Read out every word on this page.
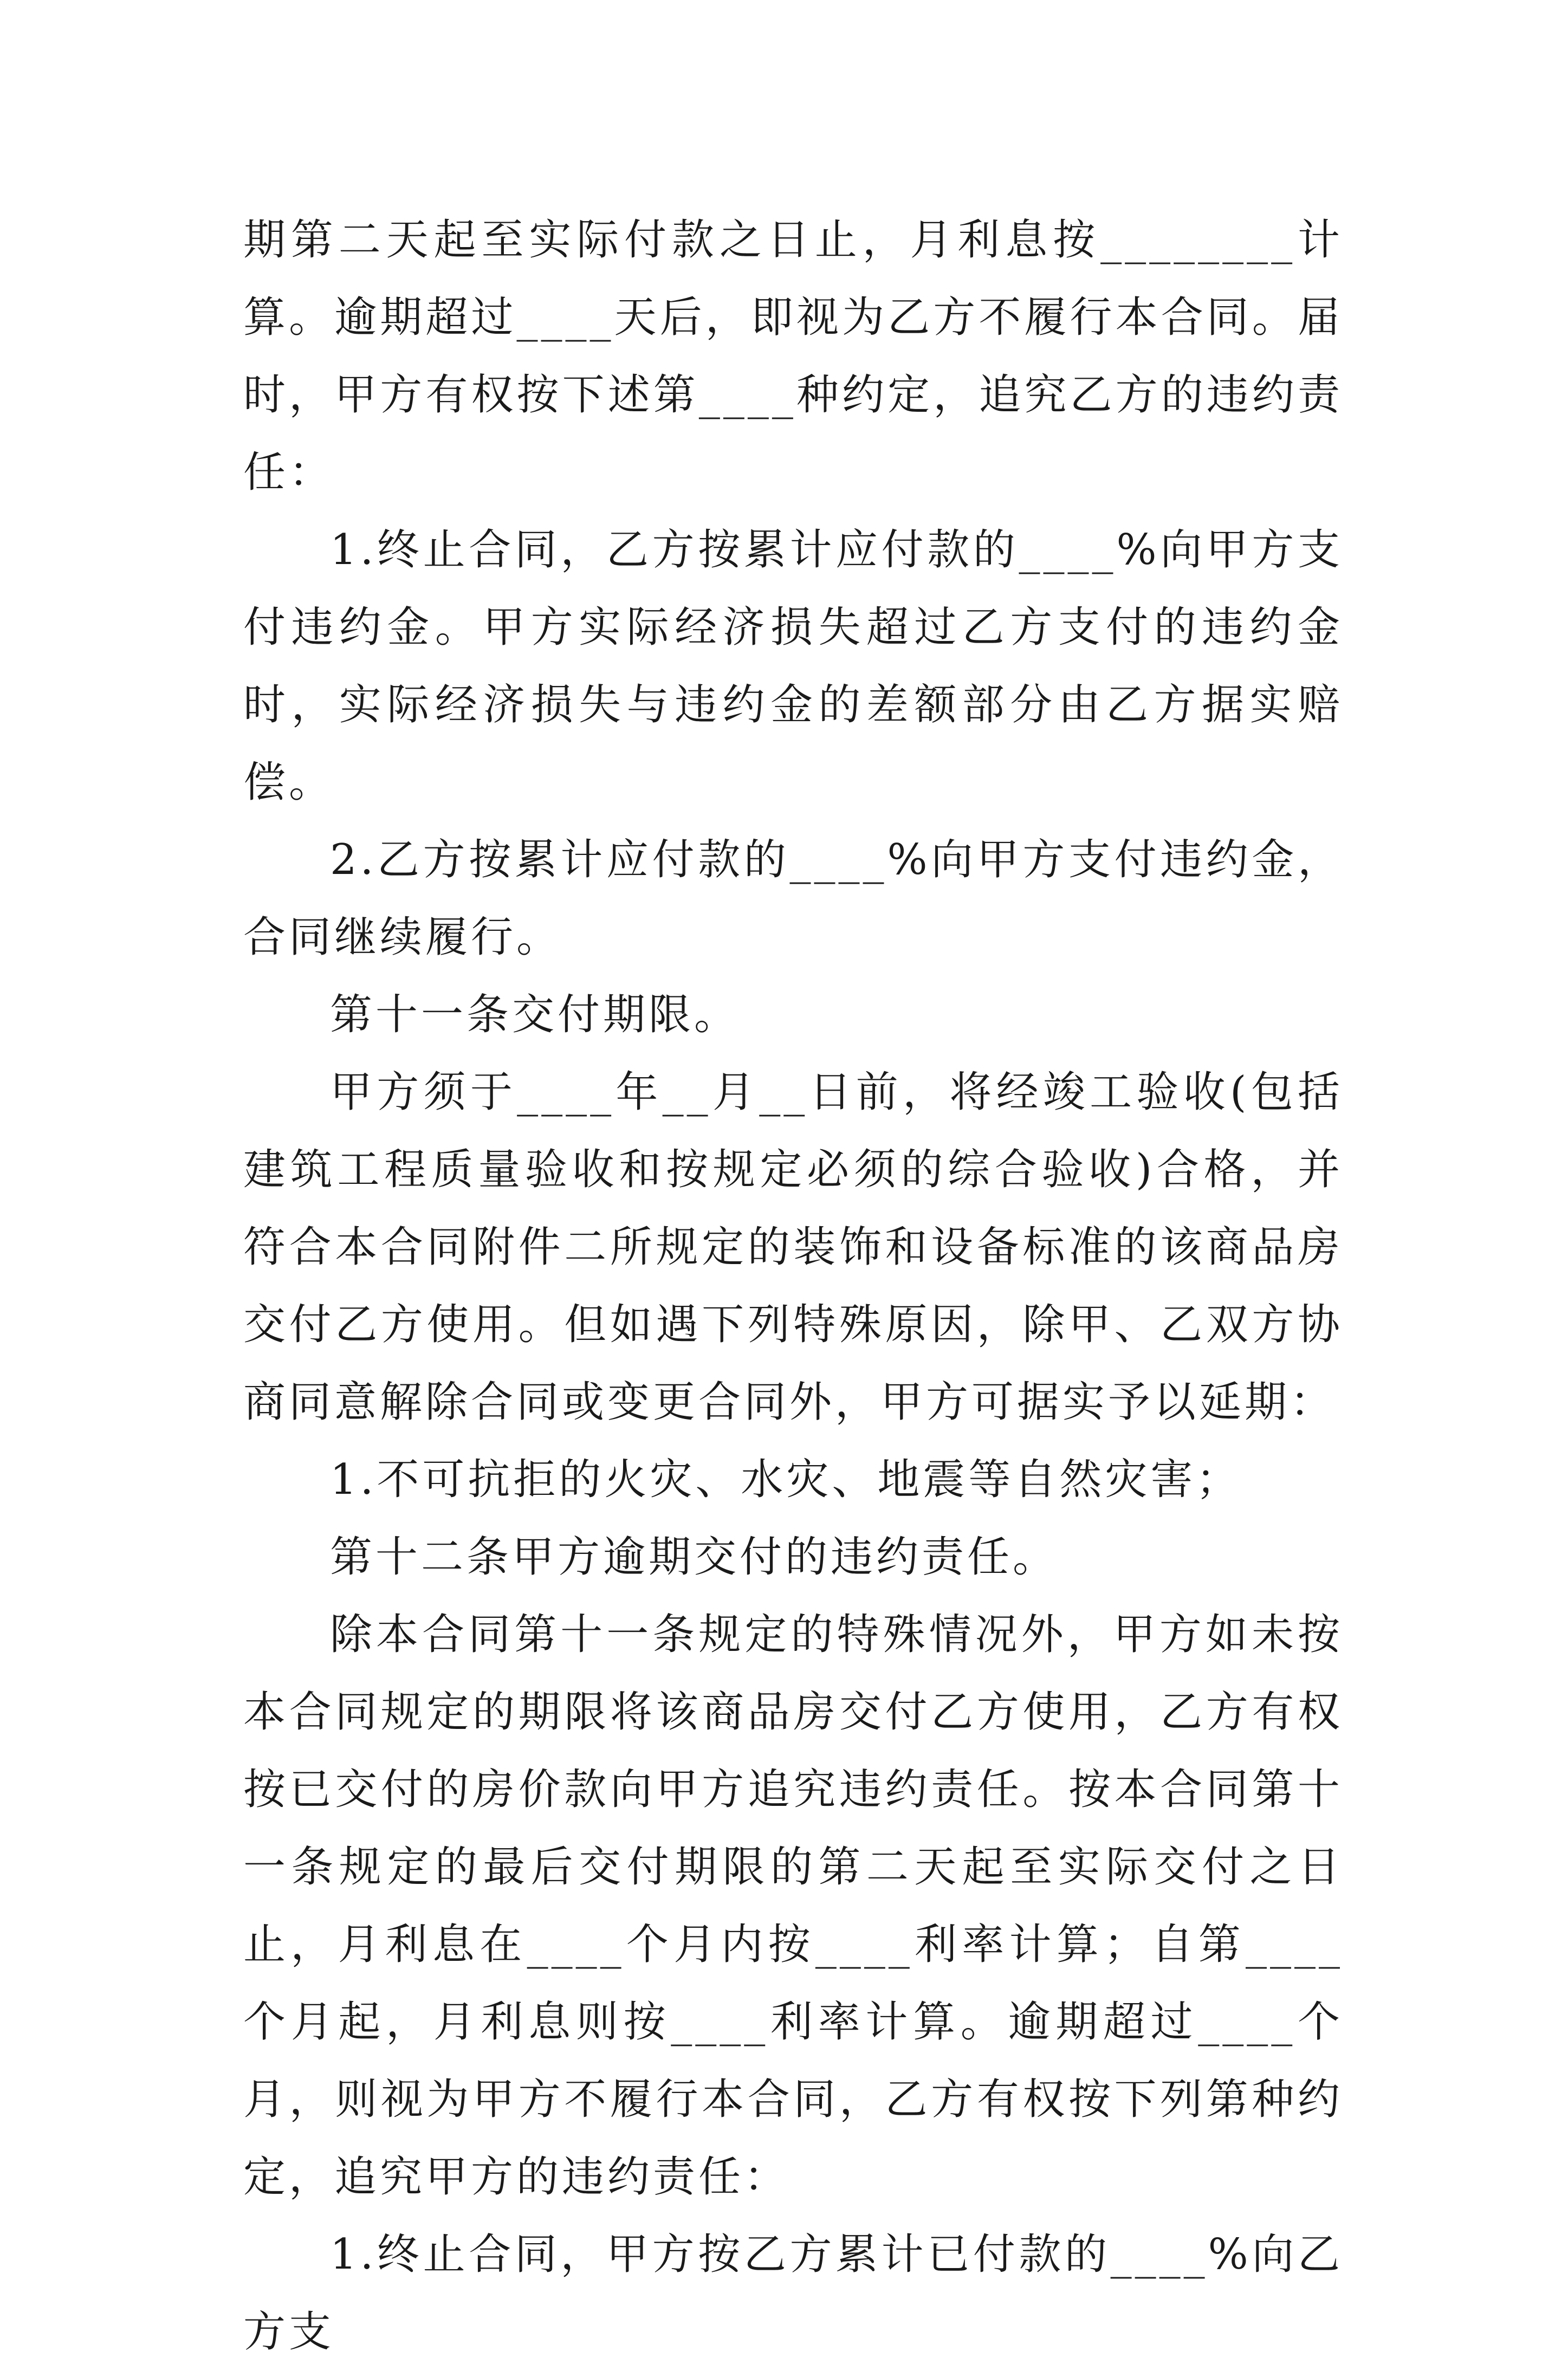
期第二天起至实际付款之日止，月利息按________计算。逾期超过____天后，即视为乙方不履行本合同。届时，甲方有权按下述第____种约定，追究乙方的违约责任：

1.终止合同，乙方按累计应付款的____%向甲方支付违约金。甲方实际经济损失超过乙方支付的违约金时，实际经济损失与违约金的差额部分由乙方据实赔偿。

2.乙方按累计应付款的____%向甲方支付违约金，合同继续履行。

第十一条交付期限。

甲方须于____年__月__日前，将经竣工验收(包括建筑工程质量验收和按规定必须的综合验收)合格，并符合本合同附件二所规定的装饰和设备标准的该商品房交付乙方使用。但如遇下列特殊原因，除甲、乙双方协商同意解除合同或变更合同外，甲方可据实予以延期：

1.不可抗拒的火灾、水灾、地震等自然灾害；

第十二条甲方逾期交付的违约责任。

除本合同第十一条规定的特殊情况外，甲方如未按本合同规定的期限将该商品房交付乙方使用，乙方有权按已交付的房价款向甲方追究违约责任。按本合同第十一条规定的最后交付期限的第二天起至实际交付之日止，月利息在____个月内按____利率计算；自第____个月起，月利息则按____利率计算。逾期超过____个月，则视为甲方不履行本合同，乙方有权按下列第种约定，追究甲方的违约责任：

1.终止合同，甲方按乙方累计已付款的____%向乙方支
